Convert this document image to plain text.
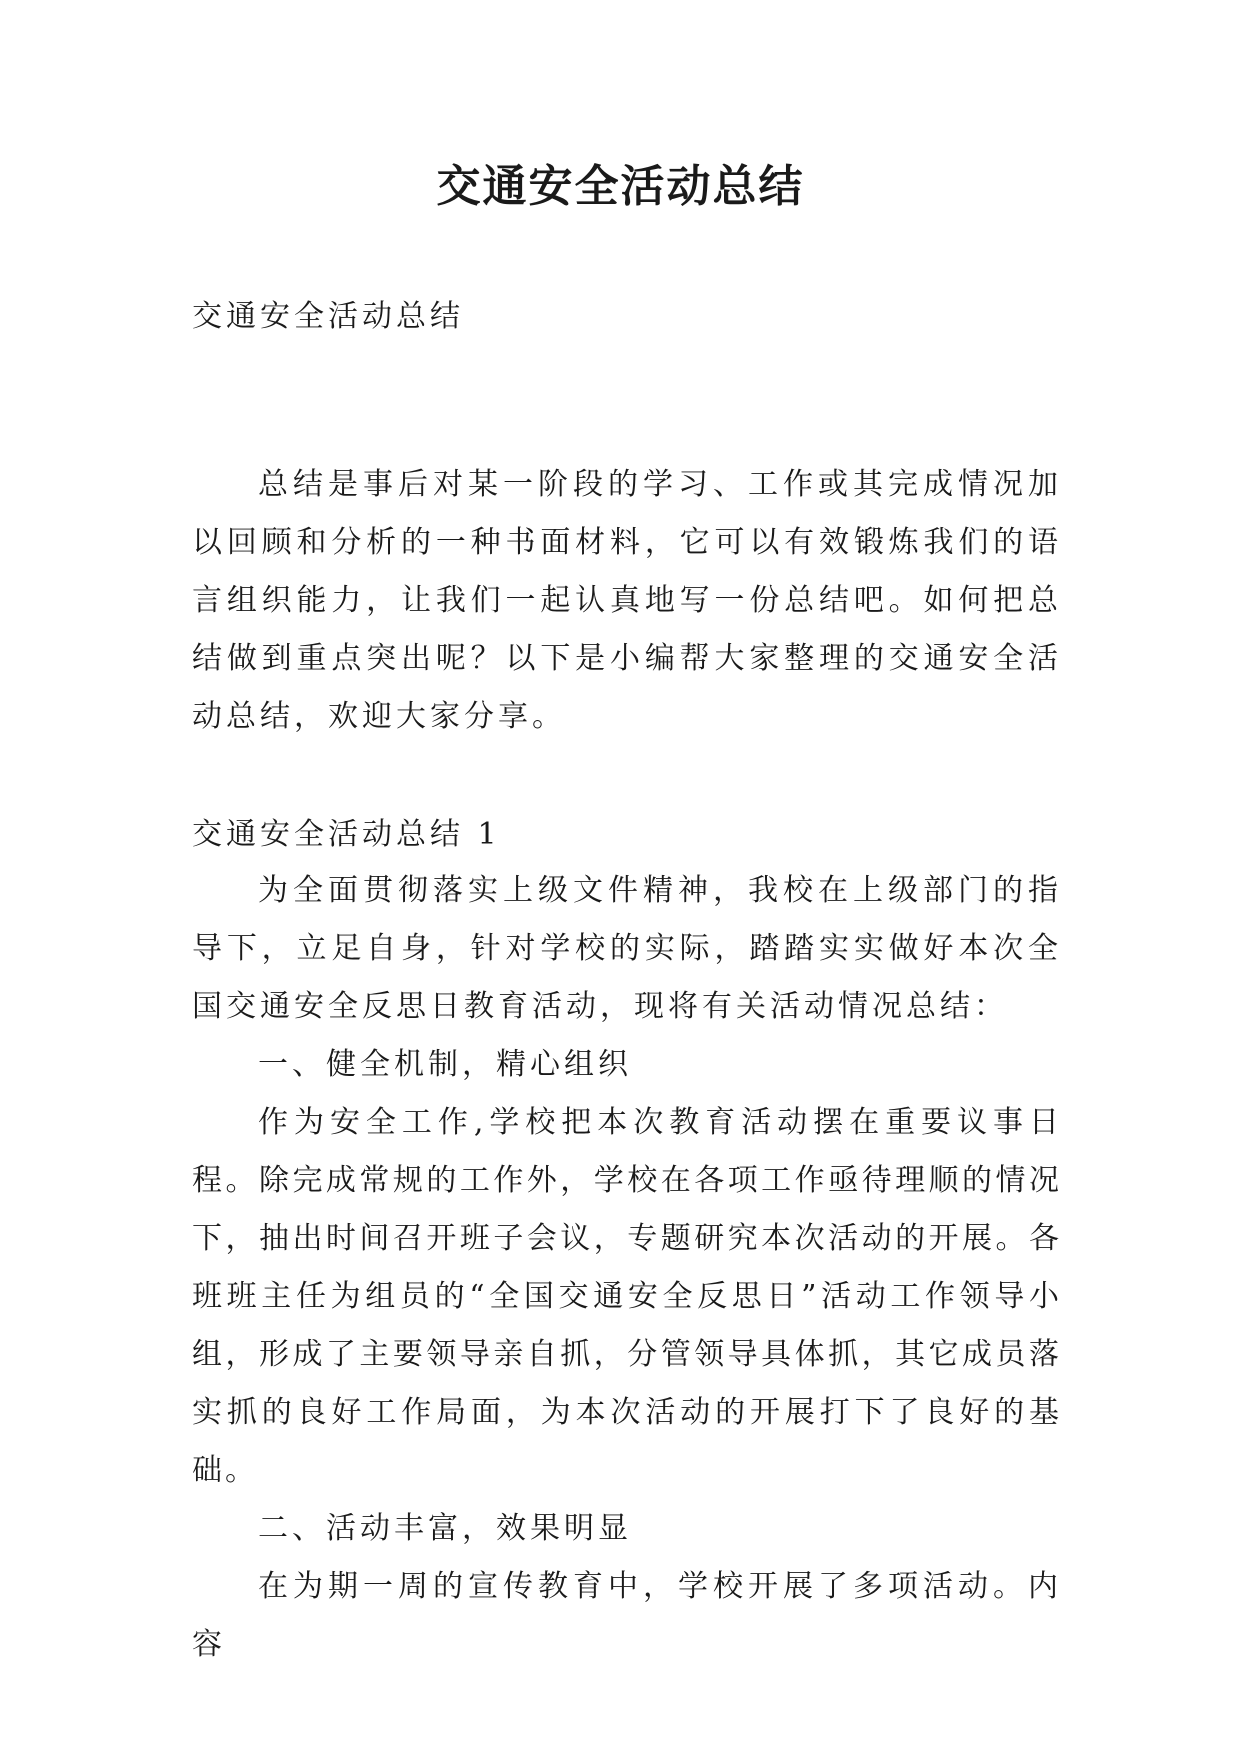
交通安全活动总结

交通安全活动总结

总结是事后对某一阶段的学习、工作或其完成情况加以回顾和分析的一种书面材料，它可以有效锻炼我们的语言组织能力，让我们一起认真地写一份总结吧。如何把总结做到重点突出呢？以下是小编帮大家整理的交通安全活动总结，欢迎大家分享。

交通安全活动总结 1

为全面贯彻落实上级文件精神，我校在上级部门的指导下，立足自身，针对学校的实际，踏踏实实做好本次全国交通安全反思日教育活动，现将有关活动情况总结：

一、健全机制，精心组织

作为安全工作,学校把本次教育活动摆在重要议事日程。除完成常规的工作外，学校在各项工作亟待理顺的情况下，抽出时间召开班子会议，专题研究本次活动的开展。各班班主任为组员的“全国交通安全反思日”活动工作领导小组，形成了主要领导亲自抓，分管领导具体抓，其它成员落实抓的良好工作局面，为本次活动的开展打下了良好的基础。

二、活动丰富，效果明显

在为期一周的宣传教育中，学校开展了多项活动。内容
